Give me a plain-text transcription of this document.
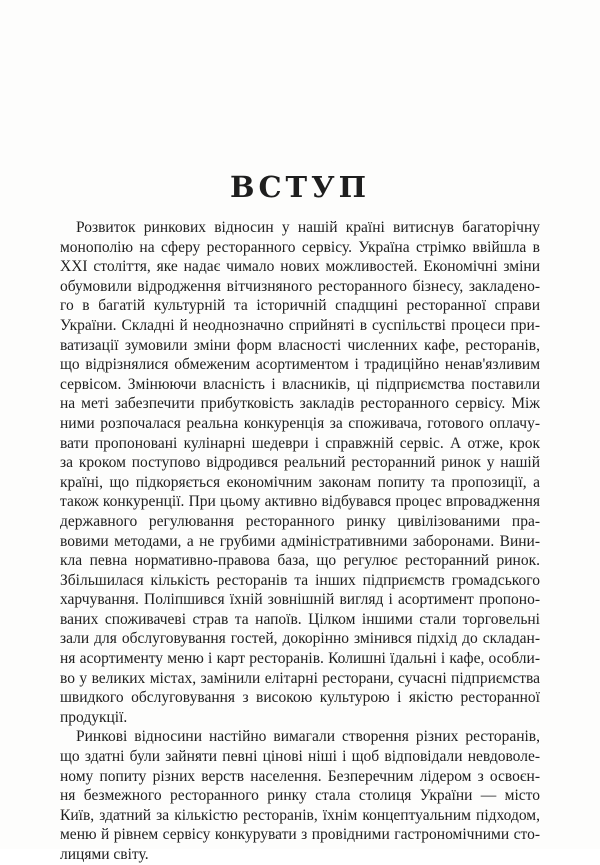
ВСТУП
Розвиток ринкових відносин у нашій країні витиснув багаторічну
монополію на сферу ресторанного сервісу. Україна стрімко ввійшла в
XXI століття, яке надає чимало нових можливостей. Економічні зміни
обумовили відродження вітчизняного ресторанного бізнесу, закладено-
го в багатій культурній та історичній спадщині ресторанної справи
України. Складні й неоднозначно сприйняті в суспільстві процеси при-
ватизації зумовили зміни форм власності численних кафе, ресторанів,
що відрізнялися обмеженим асортиментом і традиційно ненав'язливим
сервісом. Змінюючи власність і власників, ці підприємства поставили
на меті забезпечити прибутковість закладів ресторанного сервісу. Між
ними розпочалася реальна конкуренція за споживача, готового оплачу-
вати пропоновані кулінарні шедеври і справжній сервіс. А отже, крок
за кроком поступово відродився реальний ресторанний ринок у нашій
країні, що підкоряється економічним законам попиту та пропозиції, а
також конкуренції. При цьому активно відбувався процес впровадження
державного регулювання ресторанного ринку цивілізованими пра-
вовими методами, а не грубими адміністративними заборонами. Вини-
кла певна нормативно-правова база, що регулює ресторанний ринок.
Збільшилася кількість ресторанів та інших підприємств громадського
харчування. Поліпшився їхній зовнішній вигляд і асортимент пропоно-
ваних споживачеві страв та напоїв. Цілком іншими стали торговельні
зали для обслуговування гостей, докорінно змінився підхід до складан-
ня асортименту меню і карт ресторанів. Колишні їдальні і кафе, особли-
во у великих містах, замінили елітарні ресторани, сучасні підприємства
швидкого обслуговування з високою культурою і якістю ресторанної
продукції.
Ринкові відносини настійно вимагали створення різних ресторанів,
що здатні були зайняти певні цінові ніші і щоб відповідали невдоволе-
ному попиту різних верств населення. Безперечним лідером з освоєн-
ня безмежного ресторанного ринку стала столиця України — місто
Київ, здатний за кількістю ресторанів, їхнім концептуальним підходом,
меню й рівнем сервісу конкурувати з провідними гастрономічними сто-
лицями світу.
